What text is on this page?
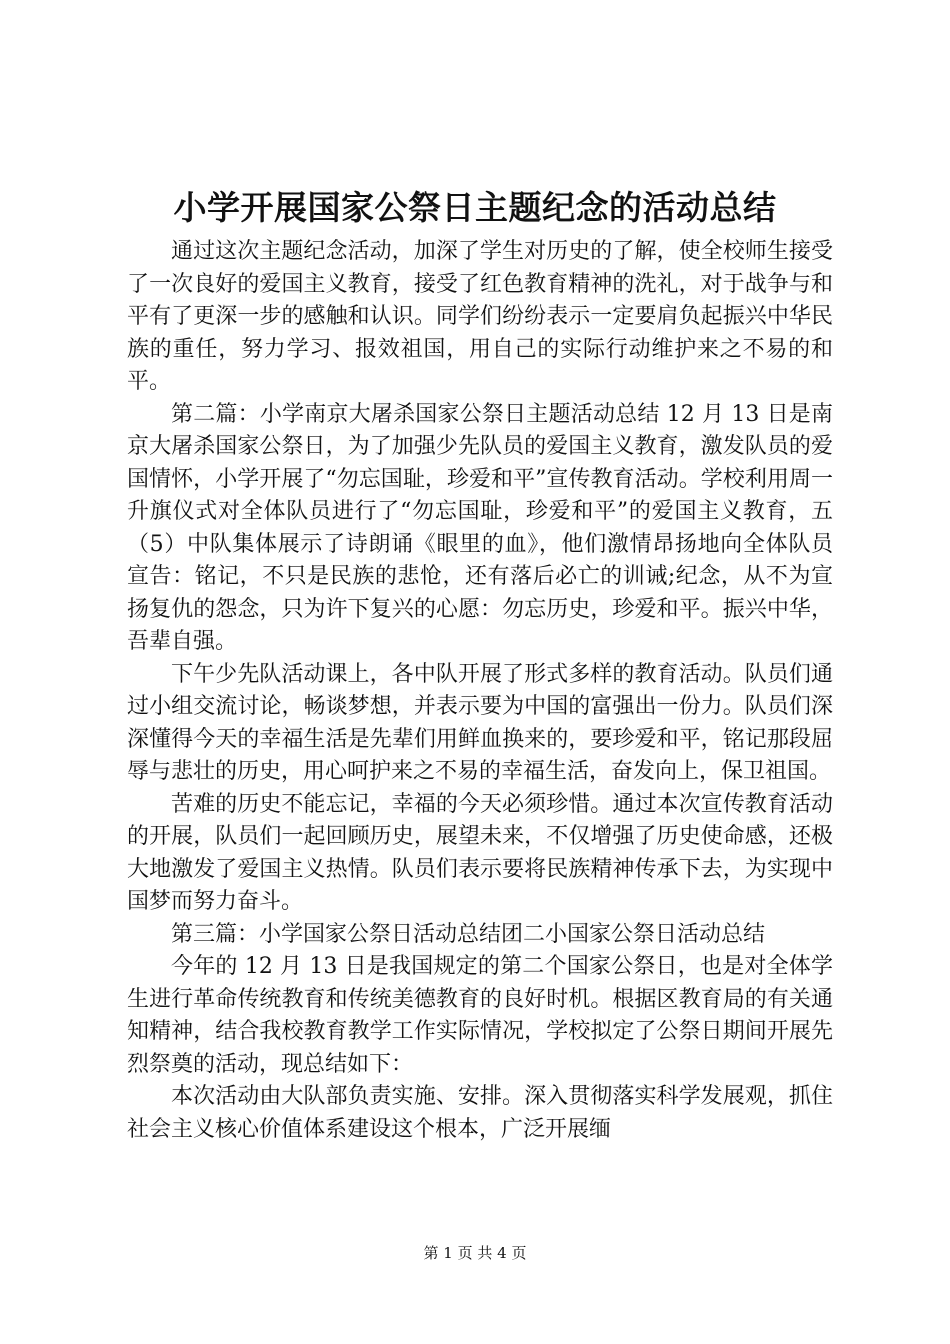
小学开展国家公祭日主题纪念的活动总结

通过这次主题纪念活动，加深了学生对历史的了解，使全校师生接受了一次良好的爱国主义教育，接受了红色教育精神的洗礼，对于战争与和平有了更深一步的感触和认识。同学们纷纷表示一定要肩负起振兴中华民族的重任，努力学习、报效祖国，用自己的实际行动维护来之不易的和平。

第二篇：小学南京大屠杀国家公祭日主题活动总结 12 月 13 日是南京大屠杀国家公祭日，为了加强少先队员的爱国主义教育，激发队员的爱国情怀，小学开展了“勿忘国耻，珍爱和平”宣传教育活动。学校利用周一升旗仪式对全体队员进行了“勿忘国耻，珍爱和平”的爱国主义教育，五（5）中队集体展示了诗朗诵《眼里的血》，他们激情昂扬地向全体队员宣告：铭记，不只是民族的悲怆，还有落后必亡的训诫;纪念，从不为宣扬复仇的怨念，只为许下复兴的心愿：勿忘历史，珍爱和平。振兴中华，吾辈自强。

下午少先队活动课上，各中队开展了形式多样的教育活动。队员们通过小组交流讨论，畅谈梦想，并表示要为中国的富强出一份力。队员们深深懂得今天的幸福生活是先辈们用鲜血换来的，要珍爱和平，铭记那段屈辱与悲壮的历史，用心呵护来之不易的幸福生活，奋发向上，保卫祖国。

苦难的历史不能忘记，幸福的今天必须珍惜。通过本次宣传教育活动的开展，队员们一起回顾历史，展望未来，不仅增强了历史使命感，还极大地激发了爱国主义热情。队员们表示要将民族精神传承下去，为实现中国梦而努力奋斗。

第三篇：小学国家公祭日活动总结团二小国家公祭日活动总结

今年的 12 月 13 日是我国规定的第二个国家公祭日，也是对全体学生进行革命传统教育和传统美德教育的良好时机。根据区教育局的有关通知精神，结合我校教育教学工作实际情况，学校拟定了公祭日期间开展先烈祭奠的活动，现总结如下：

本次活动由大队部负责实施、安排。深入贯彻落实科学发展观，抓住社会主义核心价值体系建设这个根本，广泛开展缅

第 1 页 共 4 页
